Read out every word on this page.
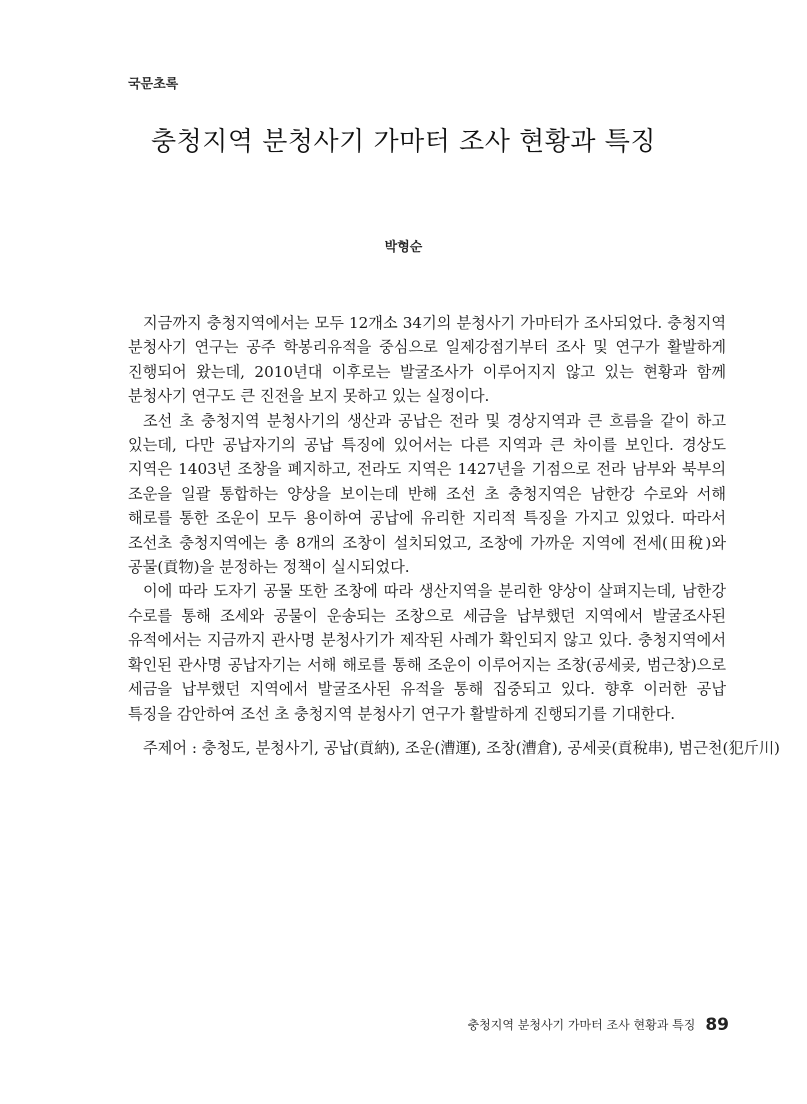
국문초록
충청지역 분청사기 가마터 조사 현황과 특징
박형순

지금까지 충청지역에서는 모두 12개소 34기의 분청사기 가마터가 조사되었다. 충청지역 분청사기 연구는 공주 학봉리유적을 중심으로 일제강점기부터 조사 및 연구가 활발하게 진행되어 왔는데, 2010년대 이후로는 발굴조사가 이루어지지 않고 있는 현황과 함께 분청사기 연구도 큰 진전을 보지 못하고 있는 실정이다.

조선 초 충청지역 분청사기의 생산과 공납은 전라 및 경상지역과 큰 흐름을 같이 하고 있는데, 다만 공납자기의 공납 특징에 있어서는 다른 지역과 큰 차이를 보인다. 경상도 지역은 1403년 조창을 폐지하고, 전라도 지역은 1427년을 기점으로 전라 남부와 북부의 조운을 일괄 통합하는 양상을 보이는데 반해 조선 초 충청지역은 남한강 수로와 서해 해로를 통한 조운이 모두 용이하여 공납에 유리한 지리적 특징을 가지고 있었다. 따라서 조선초 충청지역에는 총 8개의 조창이 설치되었고, 조창에 가까운 지역에 전세(田稅)와 공물(貢物)을 분정하는 정책이 실시되었다.

이에 따라 도자기 공물 또한 조창에 따라 생산지역을 분리한 양상이 살펴지는데, 남한강 수로를 통해 조세와 공물이 운송되는 조창으로 세금을 납부했던 지역에서 발굴조사된 유적에서는 지금까지 관사명 분청사기가 제작된 사례가 확인되지 않고 있다. 충청지역에서 확인된 관사명 공납자기는 서해 해로를 통해 조운이 이루어지는 조창(공세곶, 범근창)으로 세금을 납부했던 지역에서 발굴조사된 유적을 통해 집중되고 있다. 향후 이러한 공납 특징을 감안하여 조선 초 충청지역 분청사기 연구가 활발하게 진행되기를 기대한다.

주제어 : 충청도, 분청사기, 공납(貢納), 조운(漕運), 조창(漕倉), 공세곶(貢稅串), 범근천(犯斤川)
충청지역 분청사기 가마터 조사 현황과 특징 89
